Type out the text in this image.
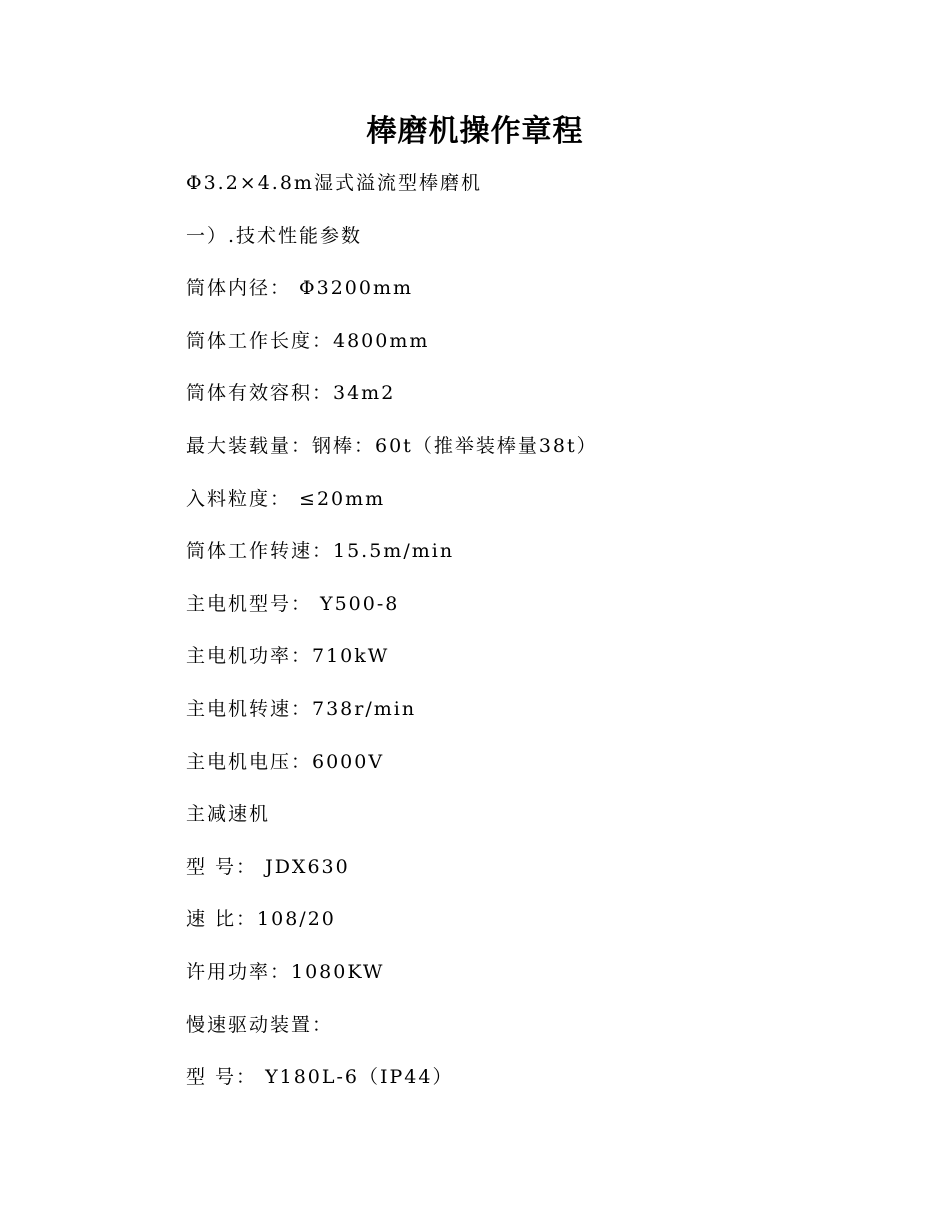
棒磨机操作章程
Φ3.2×4.8m湿式溢流型棒磨机
一）.技术性能参数
筒体内径： Φ3200mm
筒体工作长度：4800mm
筒体有效容积：34m2
最大装载量：钢棒：60t（推举装棒量38t）
入料粒度： ≤20mm
筒体工作转速：15.5m/min
主电机型号： Y500-8
主电机功率：710kW
主电机转速：738r/min
主电机电压：6000V
主减速机
型 号： JDX630
速 比：108/20
许用功率：1080KW
慢速驱动装置：
型 号： Y180L-6（IP44）
